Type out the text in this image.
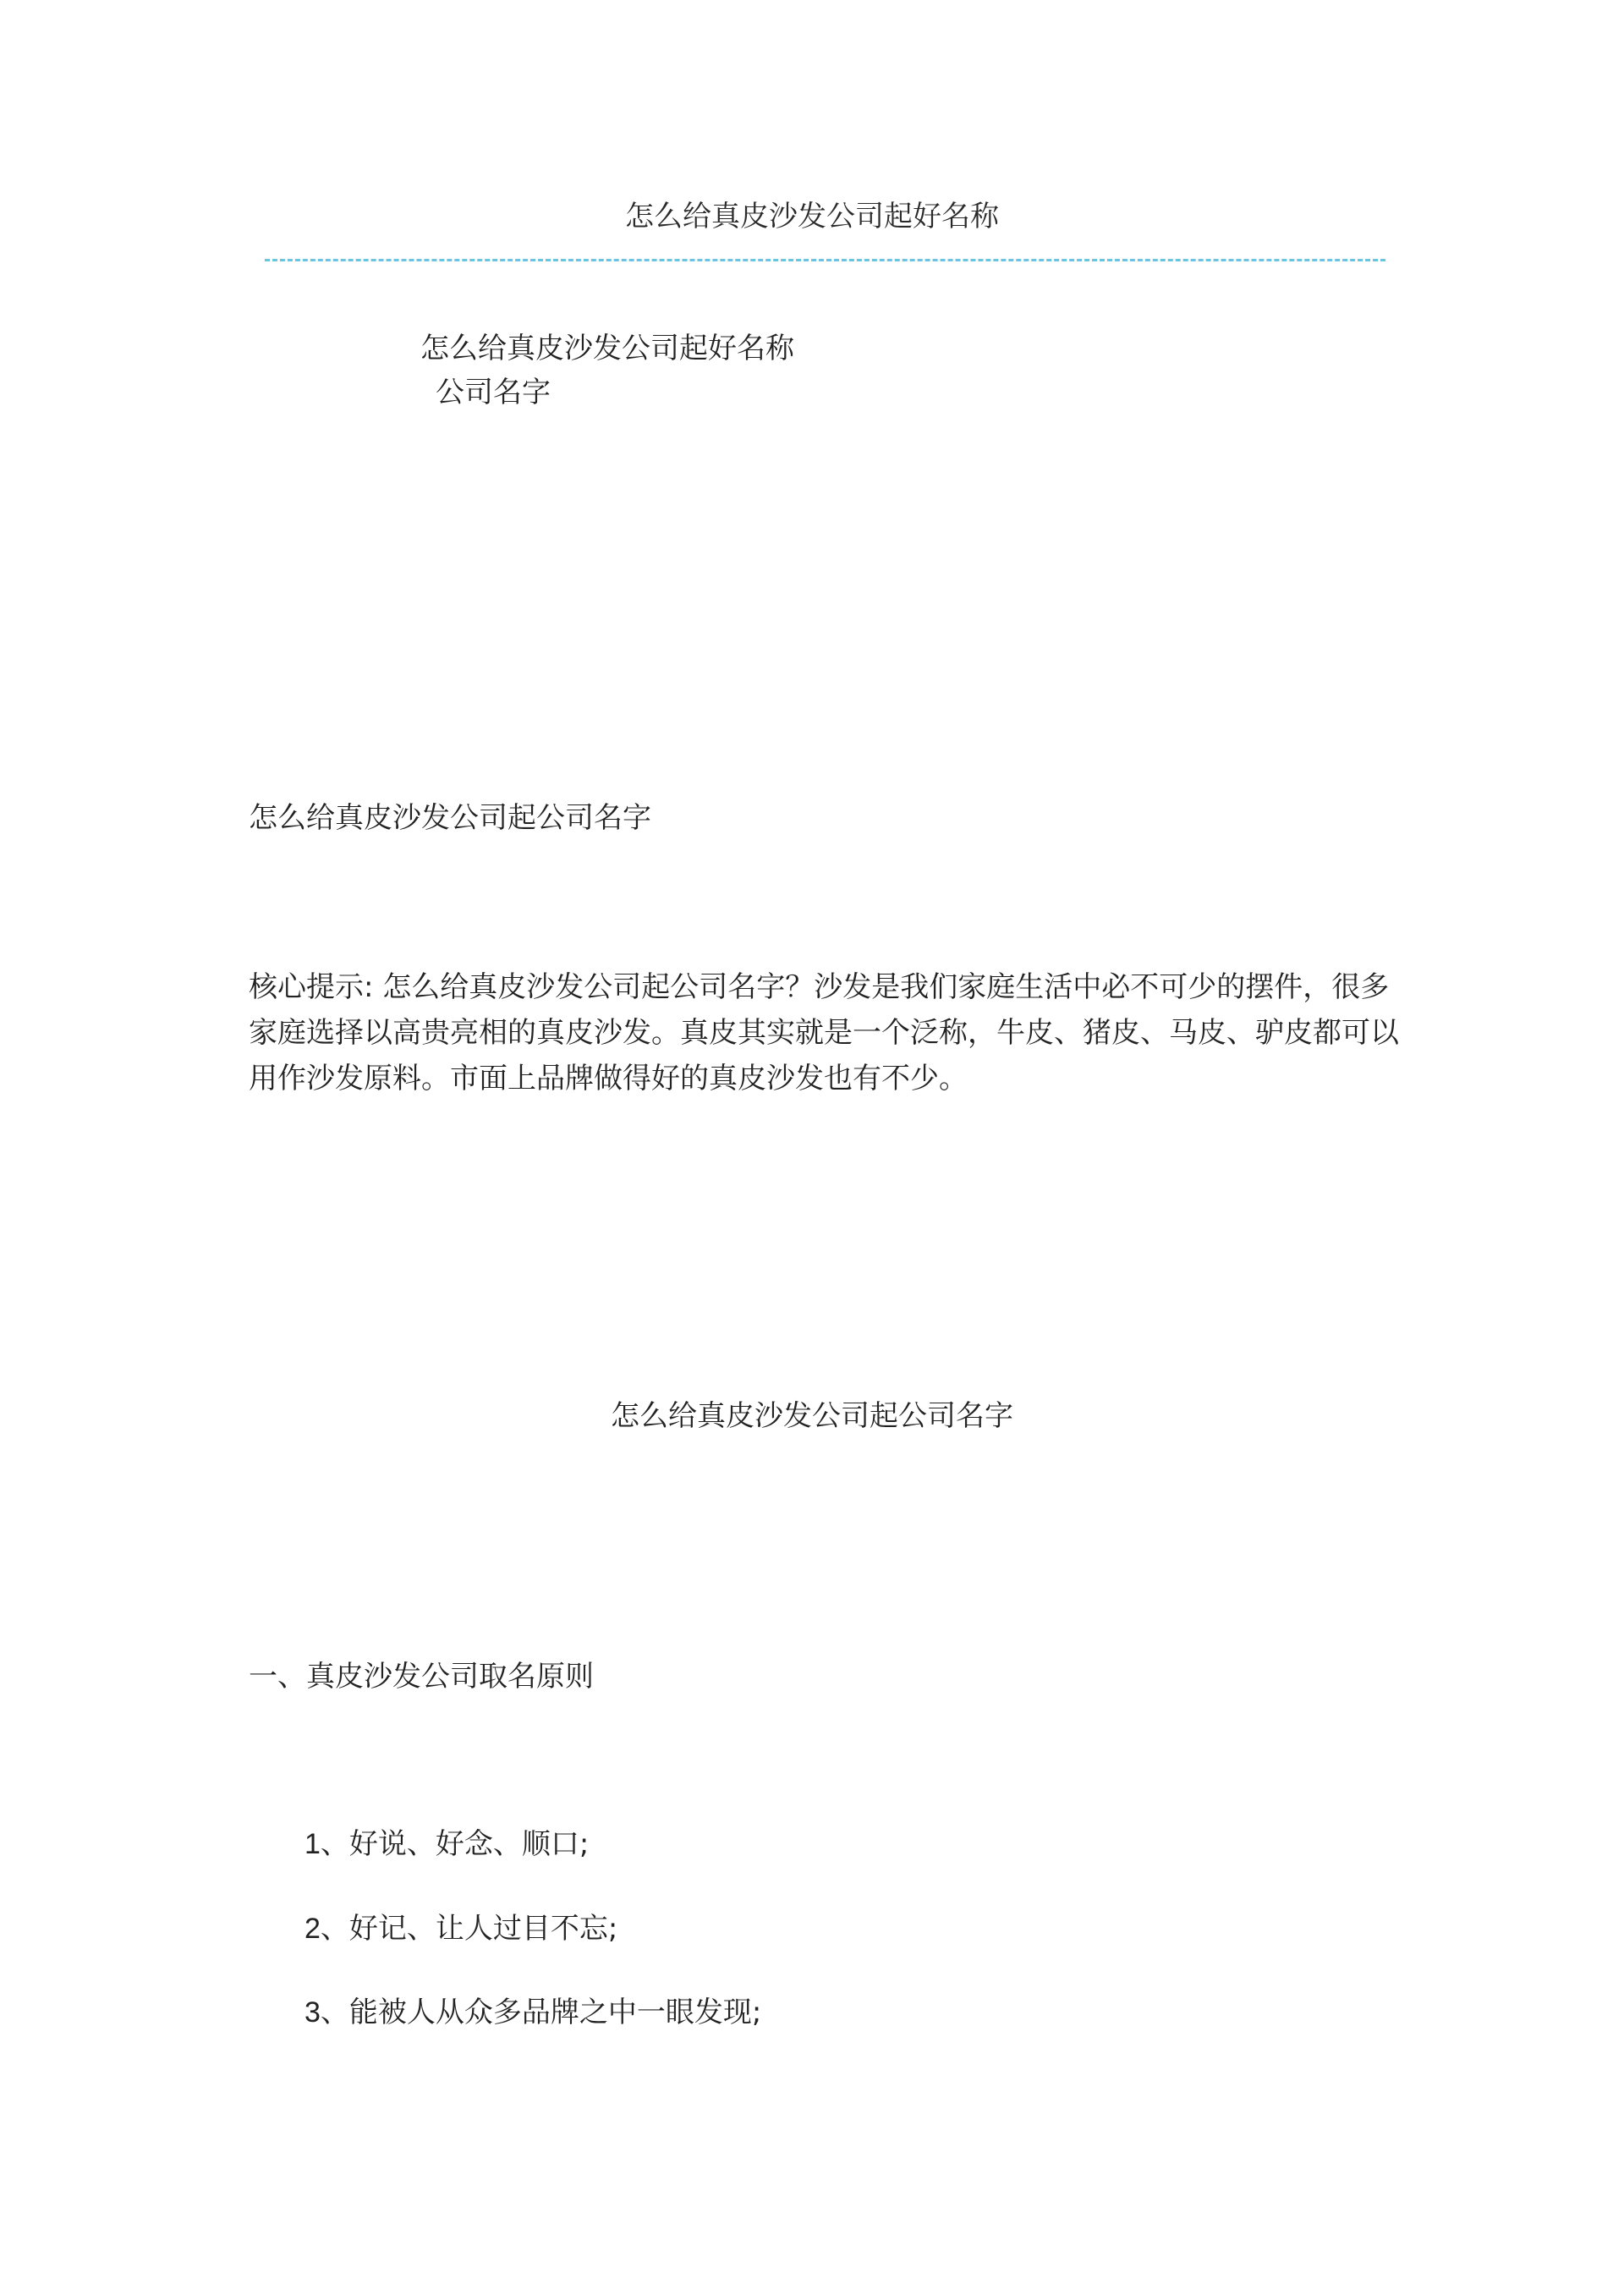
怎么给真皮沙发公司起好名称
怎么给真皮沙发公司起好名称
公司名字
怎么给真皮沙发公司起公司名字

核心提示: 怎么给真皮沙发公司起公司名字？沙发是我们家庭生活中必不可少的摆件，很多

家庭选择以高贵亮相的真皮沙发。真皮其实就是一个泛称，牛皮、猪皮、马皮、驴皮都可以

用作沙发原料。市面上品牌做得好的真皮沙发也有不少。

怎么给真皮沙发公司起公司名字
一、真皮沙发公司取名原则
1、好说、好念、顺口;
2、好记、让人过目不忘;
3、能被人从众多品牌之中一眼发现;
